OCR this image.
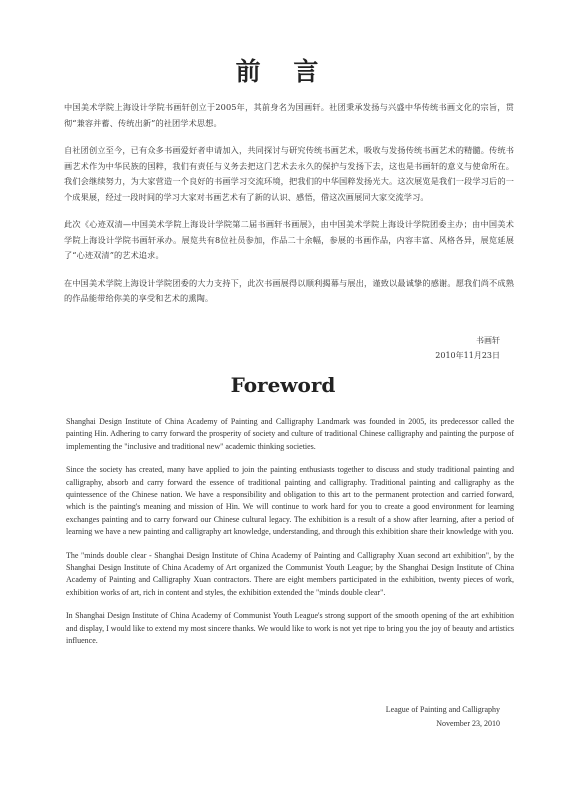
前 言

中国美术学院上海设计学院书画轩创立于2005年，其前身名为国画轩。社团秉承发扬与兴盛中华传统书画文化的宗旨，贯彻“兼容并蓄、传统出新”的社团学术思想。

自社团创立至今，已有众多书画爱好者申请加入，共同探讨与研究传统书画艺术，吸收与发扬传统书画艺术的精髓。传统书画艺术作为中华民族的国粹，我们有责任与义务去把这门艺术去永久的保护与发扬下去，这也是书画轩的意义与使命所在。我们会继续努力，为大家营造一个良好的书画学习交流环境，把我们的中华国粹发扬光大。这次展览是我们一段学习后的一个成果展，经过一段时间的学习大家对书画艺术有了新的认识、感悟，借这次画展同大家交流学习。

此次《心迹双清—中国美术学院上海设计学院第二届书画轩书画展》，由中国美术学院上海设计学院团委主办；由中国美术学院上海设计学院书画轩承办。展览共有8位社员参加，作品二十余幅，参展的书画作品，内容丰富、风格各异，展览延展了“心迹双清”的艺术追求。

在中国美术学院上海设计学院团委的大力支持下，此次书画展得以顺利揭幕与展出，谨致以最诚挚的感谢。愿我们尚不成熟的作品能带给你美的享受和艺术的熏陶。

书画轩
2010年11月23日
Foreword

Shanghai Design Institute of China Academy of Painting and Calligraphy Landmark was founded in 2005, its predecessor called the painting Hin. Adhering to carry forward the prosperity of society and culture of traditional Chinese calligraphy and painting the purpose of implementing the "inclusive and traditional new" academic thinking societies.

Since the society has created, many have applied to join the painting enthusiasts together to discuss and study traditional painting and calligraphy, absorb and carry forward the essence of traditional painting and calligraphy. Traditional painting and calligraphy as the quintessence of the Chinese nation. We have a responsibility and obligation to this art to the permanent protection and carried forward, which is the painting's meaning and mission of Hin. We will continue to work hard for you to create a good environment for learning exchanges painting and to carry forward our Chinese cultural legacy. The exhibition is a result of a show after learning, after a period of learning we have a new painting and calligraphy art knowledge, understanding, and through this exhibition share their knowledge with you.

The "minds double clear - Shanghai Design Institute of China Academy of Painting and Calligraphy Xuan second art exhibition", by the Shanghai Design Institute of China Academy of Art organized the Communist Youth League; by the Shanghai Design Institute of China Academy of Painting and Calligraphy Xuan contractors. There are eight members participated in the exhibition, twenty pieces of work, exhibition works of art, rich in content and styles, the exhibition extended the "minds double clear".

In Shanghai Design Institute of China Academy of Communist Youth League's strong support of the smooth opening of the art exhibition and display, I would like to extend my most sincere thanks. We would like to work is not yet ripe to bring you the joy of beauty and artistics influence.

League of Painting and Calligraphy
November 23, 2010
